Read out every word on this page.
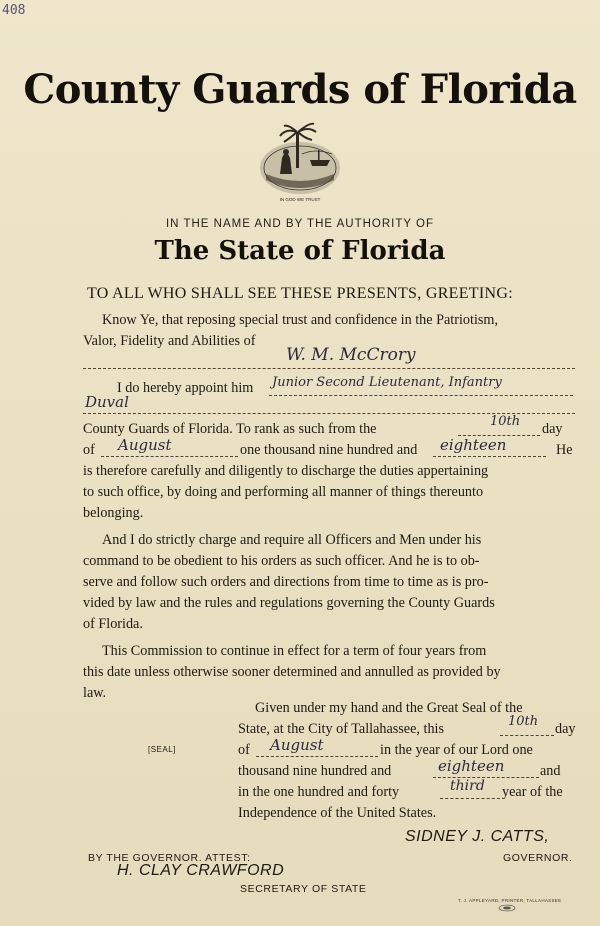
408
County Guards of Florida
IN GOD WE TRUST
IN THE NAME AND BY THE AUTHORITY OF
The State of Florida
TO ALL WHO SHALL SEE THESE PRESENTS, GREETING:
Know Ye, that reposing special trust and confidence in the Patriotism,
Valor, Fidelity and Abilities of
W. M. McCrory
I do hereby appoint him Junior Second Lieutenant, Infantry
Duval
County Guards of Florida. To rank as such from the	10th day
of August	one thousand nine hundred and eighteen	He
is therefore carefully and diligently to discharge the duties appertaining
to such office, by doing and performing all manner of things thereunto
belonging.
And I do strictly charge and require all Officers and Men under his
command to be obedient to his orders as such officer. And he is to ob-
serve and follow such orders and directions from time to time as is pro-
vided by law and the rules and regulations governing the County Guards
of Florida.
This Commission to continue in effect for a term of four years from
this date unless otherwise sooner determined and annulled as provided by
law.
Given under my hand and the Great Seal of the
State, at the City of Tallahassee, this	10th day
[SEAL]	of August	in the year of our Lord one
thousand nine hundred and	eighteen	and
in the one hundred and forty	third year of the
Independence of the United States.
SIDNEY J. CATTS,
GOVERNOR.
BY THE GOVERNOR. ATTEST:
H. CLAY CRAWFORD
SECRETARY OF STATE
T. J. APPLEYARD, PRINTER, TALLAHASSEE
